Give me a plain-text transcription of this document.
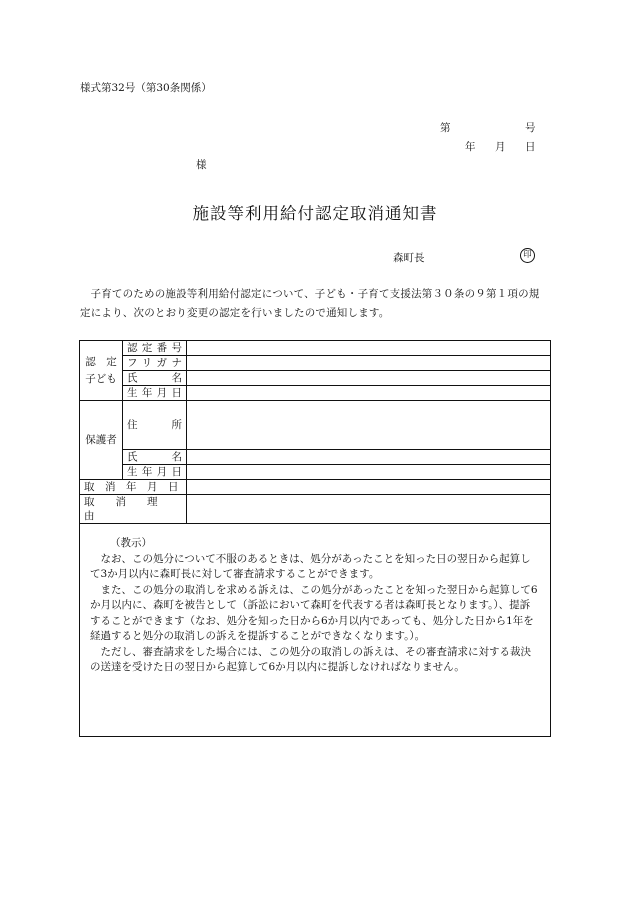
様式第32号（第30条関係）
第	号
年 月 日
様
施設等利用給付認定取消通知書
森町長	印
子育てのための施設等利用給付認定について、子ども・子育て支援法第３０条の９第１項の規定により、次のとおり変更の認定を行いましたので通知します。
認　定
子ども	認定番号	

	フリガナ	

	氏　　名	

	生年月日	

保護者	住　　所	

	氏　　名	

	生年月日	

取　消　年　月　日		

取　　消　　理　　由		

（教示）

なお、この処分について不服のあるときは、処分があったことを知った日の翌日から起算して3か月以内に森町長に対して審査請求することができます。

また、この処分の取消しを求める訴えは、この処分があったことを知った翌日から起算して6か月以内に、森町を被告として（訴訟において森町を代表する者は森町長となります。）、提訴することができます（なお、処分を知った日から6か月以内であっても、処分した日から1年を経過すると処分の取消しの訴えを提訴することができなくなります。）。

ただし、審査請求をした場合には、この処分の取消しの訴えは、その審査請求に対する裁決の送達を受けた日の翌日から起算して6か月以内に提訴しなければなりません。		
